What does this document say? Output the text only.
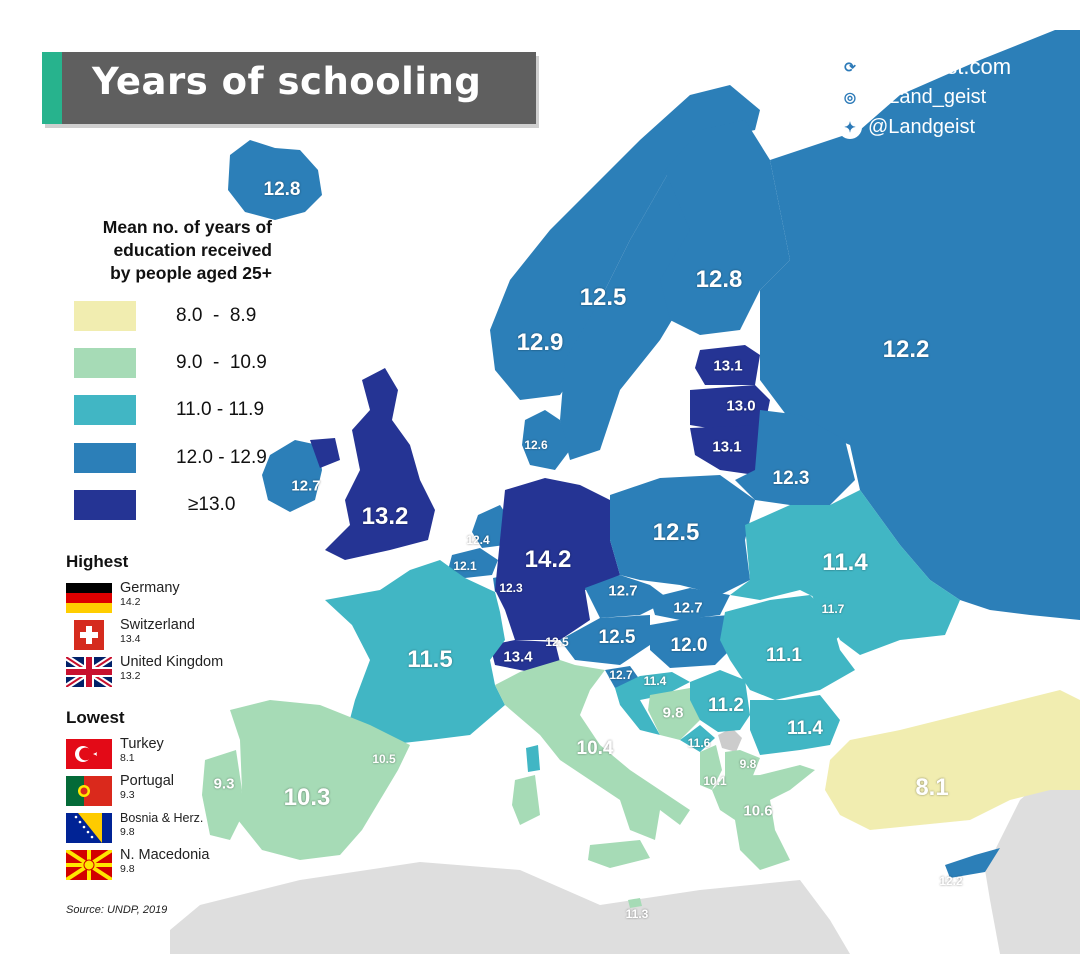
Years of schooling	⟳ Landgeist.com
◎ @Land_geist
✦ @Landgeist
Mean no. of years of
education received
by people aged 25+
8.0  -  8.9
9.0  -  10.9
11.0 - 11.9
12.0 - 12.9
≥13.0
Highest
Germany
14.2
Switzerland
13.4
United Kingdom
13.2
Lowest
Turkey
8.1
Portugal
9.3
Bosnia & Herz.
9.8
N. Macedonia
9.8
Source: UNDP, 2019
12.8
12.9
12.5
12.8
12.2
13.1
13.0
13.1
12.3
12.6
12.7
13.2
12.4
12.1
12.3
14.2
12.5
11.4
12.7
12.7
12.5
12.5	12.0
13.4
11.5
12.7 11.4
9.8 11.2
11.1
11.7
11.4
11.6
9.8
10.1
10.6
10.4
10.3
9.3
10.5
8.1
12.2
11.3
